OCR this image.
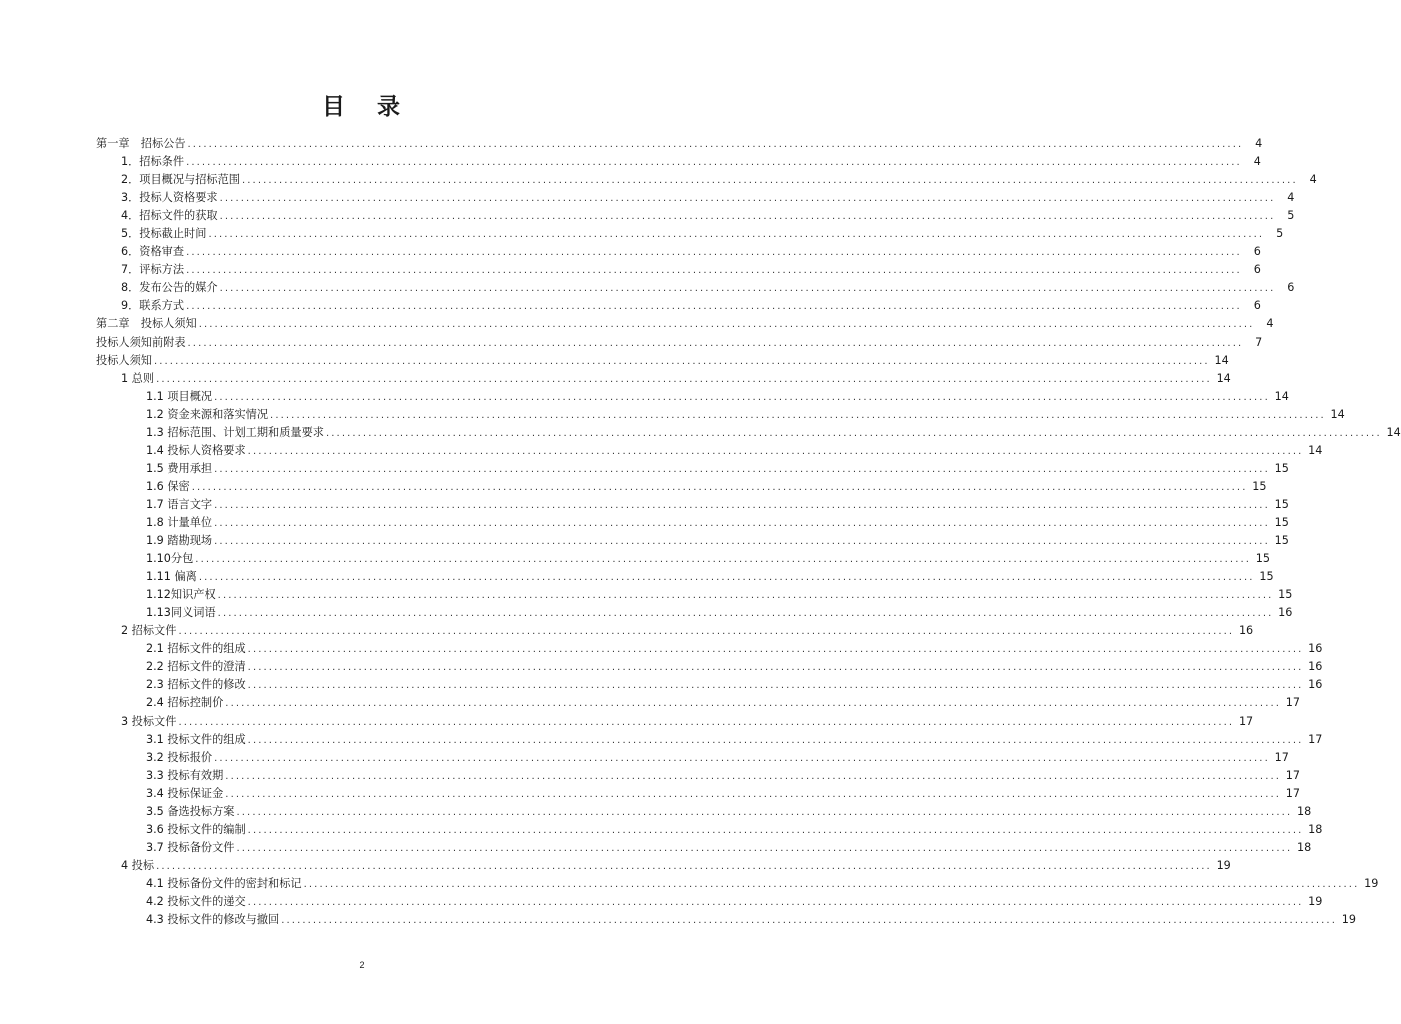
目 录
第一章　招标公告 ........................................................................................................................................................................................................	4
1．招标条件 ........................................................................................................................................................................................................	4
2．项目概况与招标范围 ........................................................................................................................................................................................................	4
3．投标人资格要求 ........................................................................................................................................................................................................	4
4．招标文件的获取 ........................................................................................................................................................................................................	5
5．投标截止时间 ........................................................................................................................................................................................................	5
6．资格审查 ........................................................................................................................................................................................................	6
7．评标方法 ........................................................................................................................................................................................................	6
8．发布公告的媒介 ........................................................................................................................................................................................................	6
9．联系方式 ........................................................................................................................................................................................................	6
第二章　投标人须知 ........................................................................................................................................................................................................	4
投标人须知前附表 ........................................................................................................................................................................................................	7
投标人须知 ........................................................................................................................................................................................................ 14
1 总则 ........................................................................................................................................................................................................ 14
1.1 项目概况 ........................................................................................................................................................................................................ 14
1.2 资金来源和落实情况 ........................................................................................................................................................................................................ 14
1.3 招标范围、计划工期和质量要求 ........................................................................................................................................................................................................ 14
1.4 投标人资格要求 ........................................................................................................................................................................................................ 14
1.5 费用承担 ........................................................................................................................................................................................................ 15
1.6 保密 ........................................................................................................................................................................................................ 15
1.7 语言文字 ........................................................................................................................................................................................................ 15
1.8 计量单位 ........................................................................................................................................................................................................ 15
1.9 踏勘现场 ........................................................................................................................................................................................................ 15
1.10分包 ........................................................................................................................................................................................................ 15
1.11 偏离 ........................................................................................................................................................................................................ 15
1.12知识产权 ........................................................................................................................................................................................................ 15
1.13同义词语 ........................................................................................................................................................................................................ 16
2 招标文件 ........................................................................................................................................................................................................ 16
2.1 招标文件的组成 ........................................................................................................................................................................................................ 16
2.2 招标文件的澄清 ........................................................................................................................................................................................................ 16
2.3 招标文件的修改 ........................................................................................................................................................................................................ 16
2.4 招标控制价 ........................................................................................................................................................................................................ 17
3 投标文件 ........................................................................................................................................................................................................ 17
3.1 投标文件的组成 ........................................................................................................................................................................................................ 17
3.2 投标报价 ........................................................................................................................................................................................................ 17
3.3 投标有效期 ........................................................................................................................................................................................................ 17
3.4 投标保证金 ........................................................................................................................................................................................................ 17
3.5 备选投标方案 ........................................................................................................................................................................................................ 18
3.6 投标文件的编制 ........................................................................................................................................................................................................ 18
3.7 投标备份文件 ........................................................................................................................................................................................................ 18
4 投标 ........................................................................................................................................................................................................ 19
4.1 投标备份文件的密封和标记 ........................................................................................................................................................................................................ 19
4.2 投标文件的递交 ........................................................................................................................................................................................................ 19
4.3 投标文件的修改与撤回 ........................................................................................................................................................................................................ 19
2
